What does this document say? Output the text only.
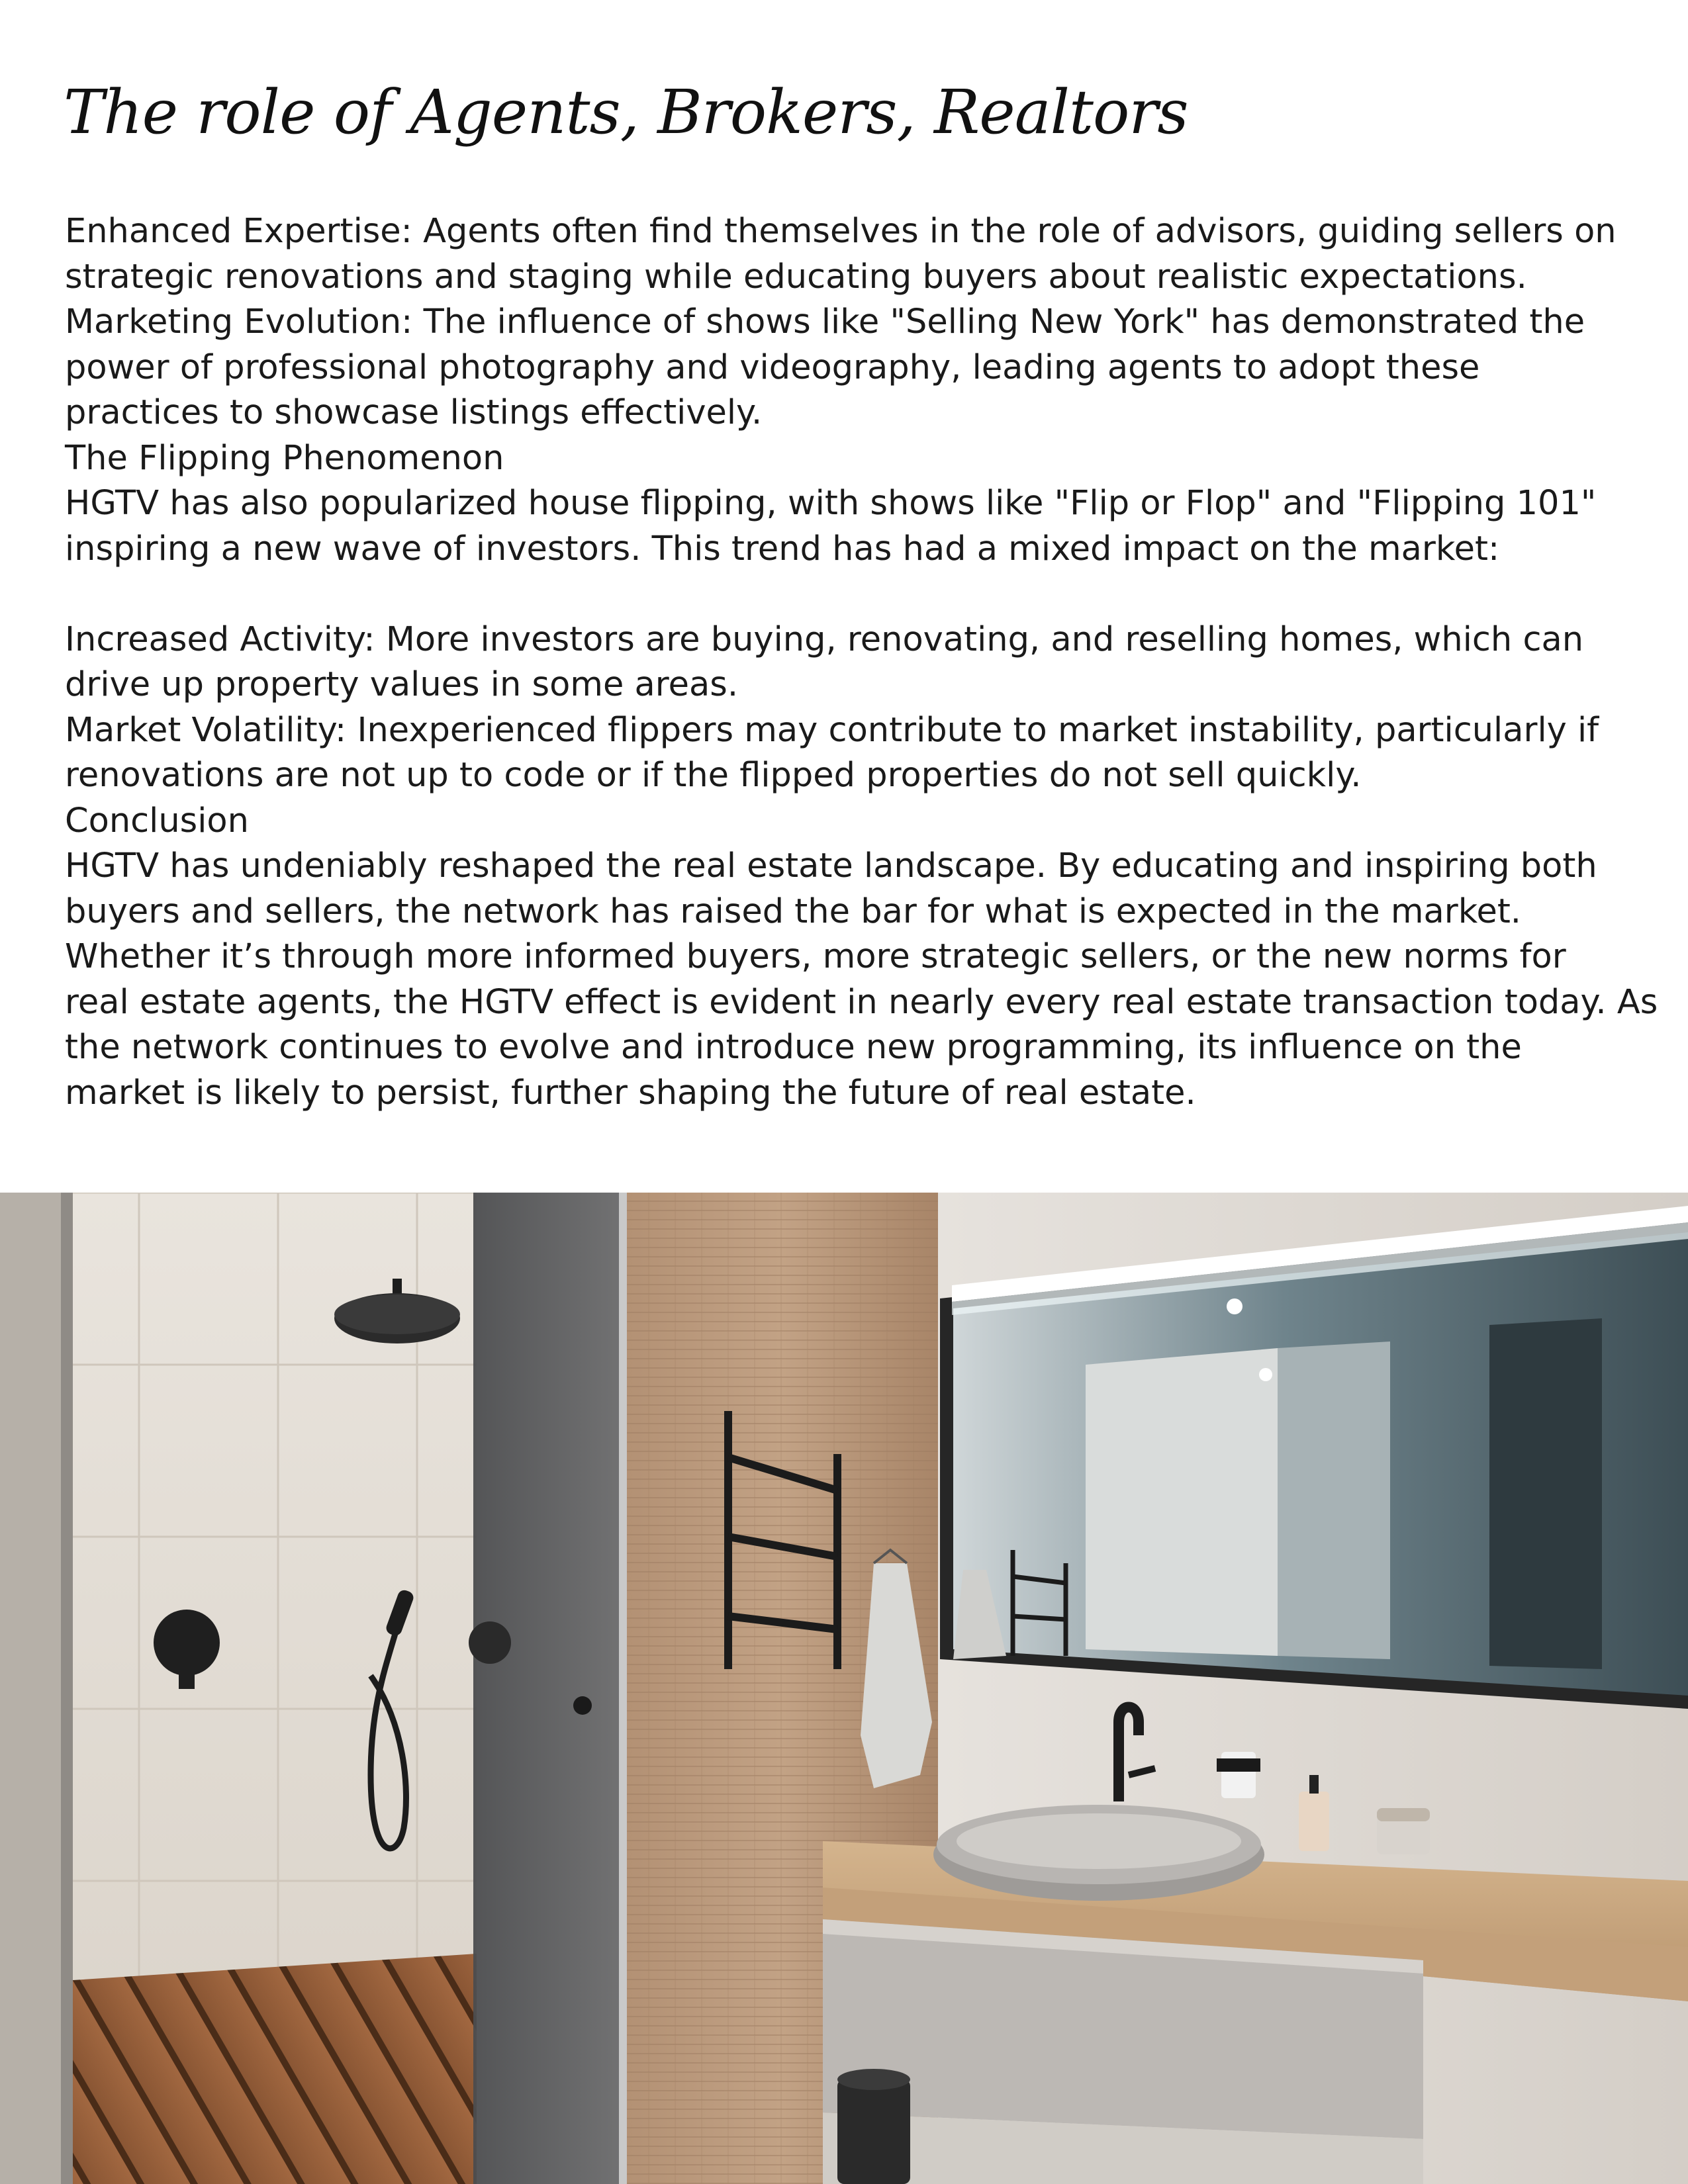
The role of Agents, Brokers, Realtors
Enhanced Expertise: Agents often find themselves in the role of advisors, guiding sellers on
strategic renovations and staging while educating buyers about realistic expectations.
Marketing Evolution: The influence of shows like "Selling New York" has demonstrated the
power of professional photography and videography, leading agents to adopt these
practices to showcase listings effectively.
The Flipping Phenomenon
HGTV has also popularized house flipping, with shows like "Flip or Flop" and "Flipping 101"
inspiring a new wave of investors. This trend has had a mixed impact on the market:
Increased Activity: More investors are buying, renovating, and reselling homes, which can
drive up property values in some areas.
Market Volatility: Inexperienced flippers may contribute to market instability, particularly if
renovations are not up to code or if the flipped properties do not sell quickly.
Conclusion
HGTV has undeniably reshaped the real estate landscape. By educating and inspiring both
buyers and sellers, the network has raised the bar for what is expected in the market.
Whether it’s through more informed buyers, more strategic sellers, or the new norms for
real estate agents, the HGTV effect is evident in nearly every real estate transaction today. As
the network continues to evolve and introduce new programming, its influence on the
market is likely to persist, further shaping the future of real estate.
